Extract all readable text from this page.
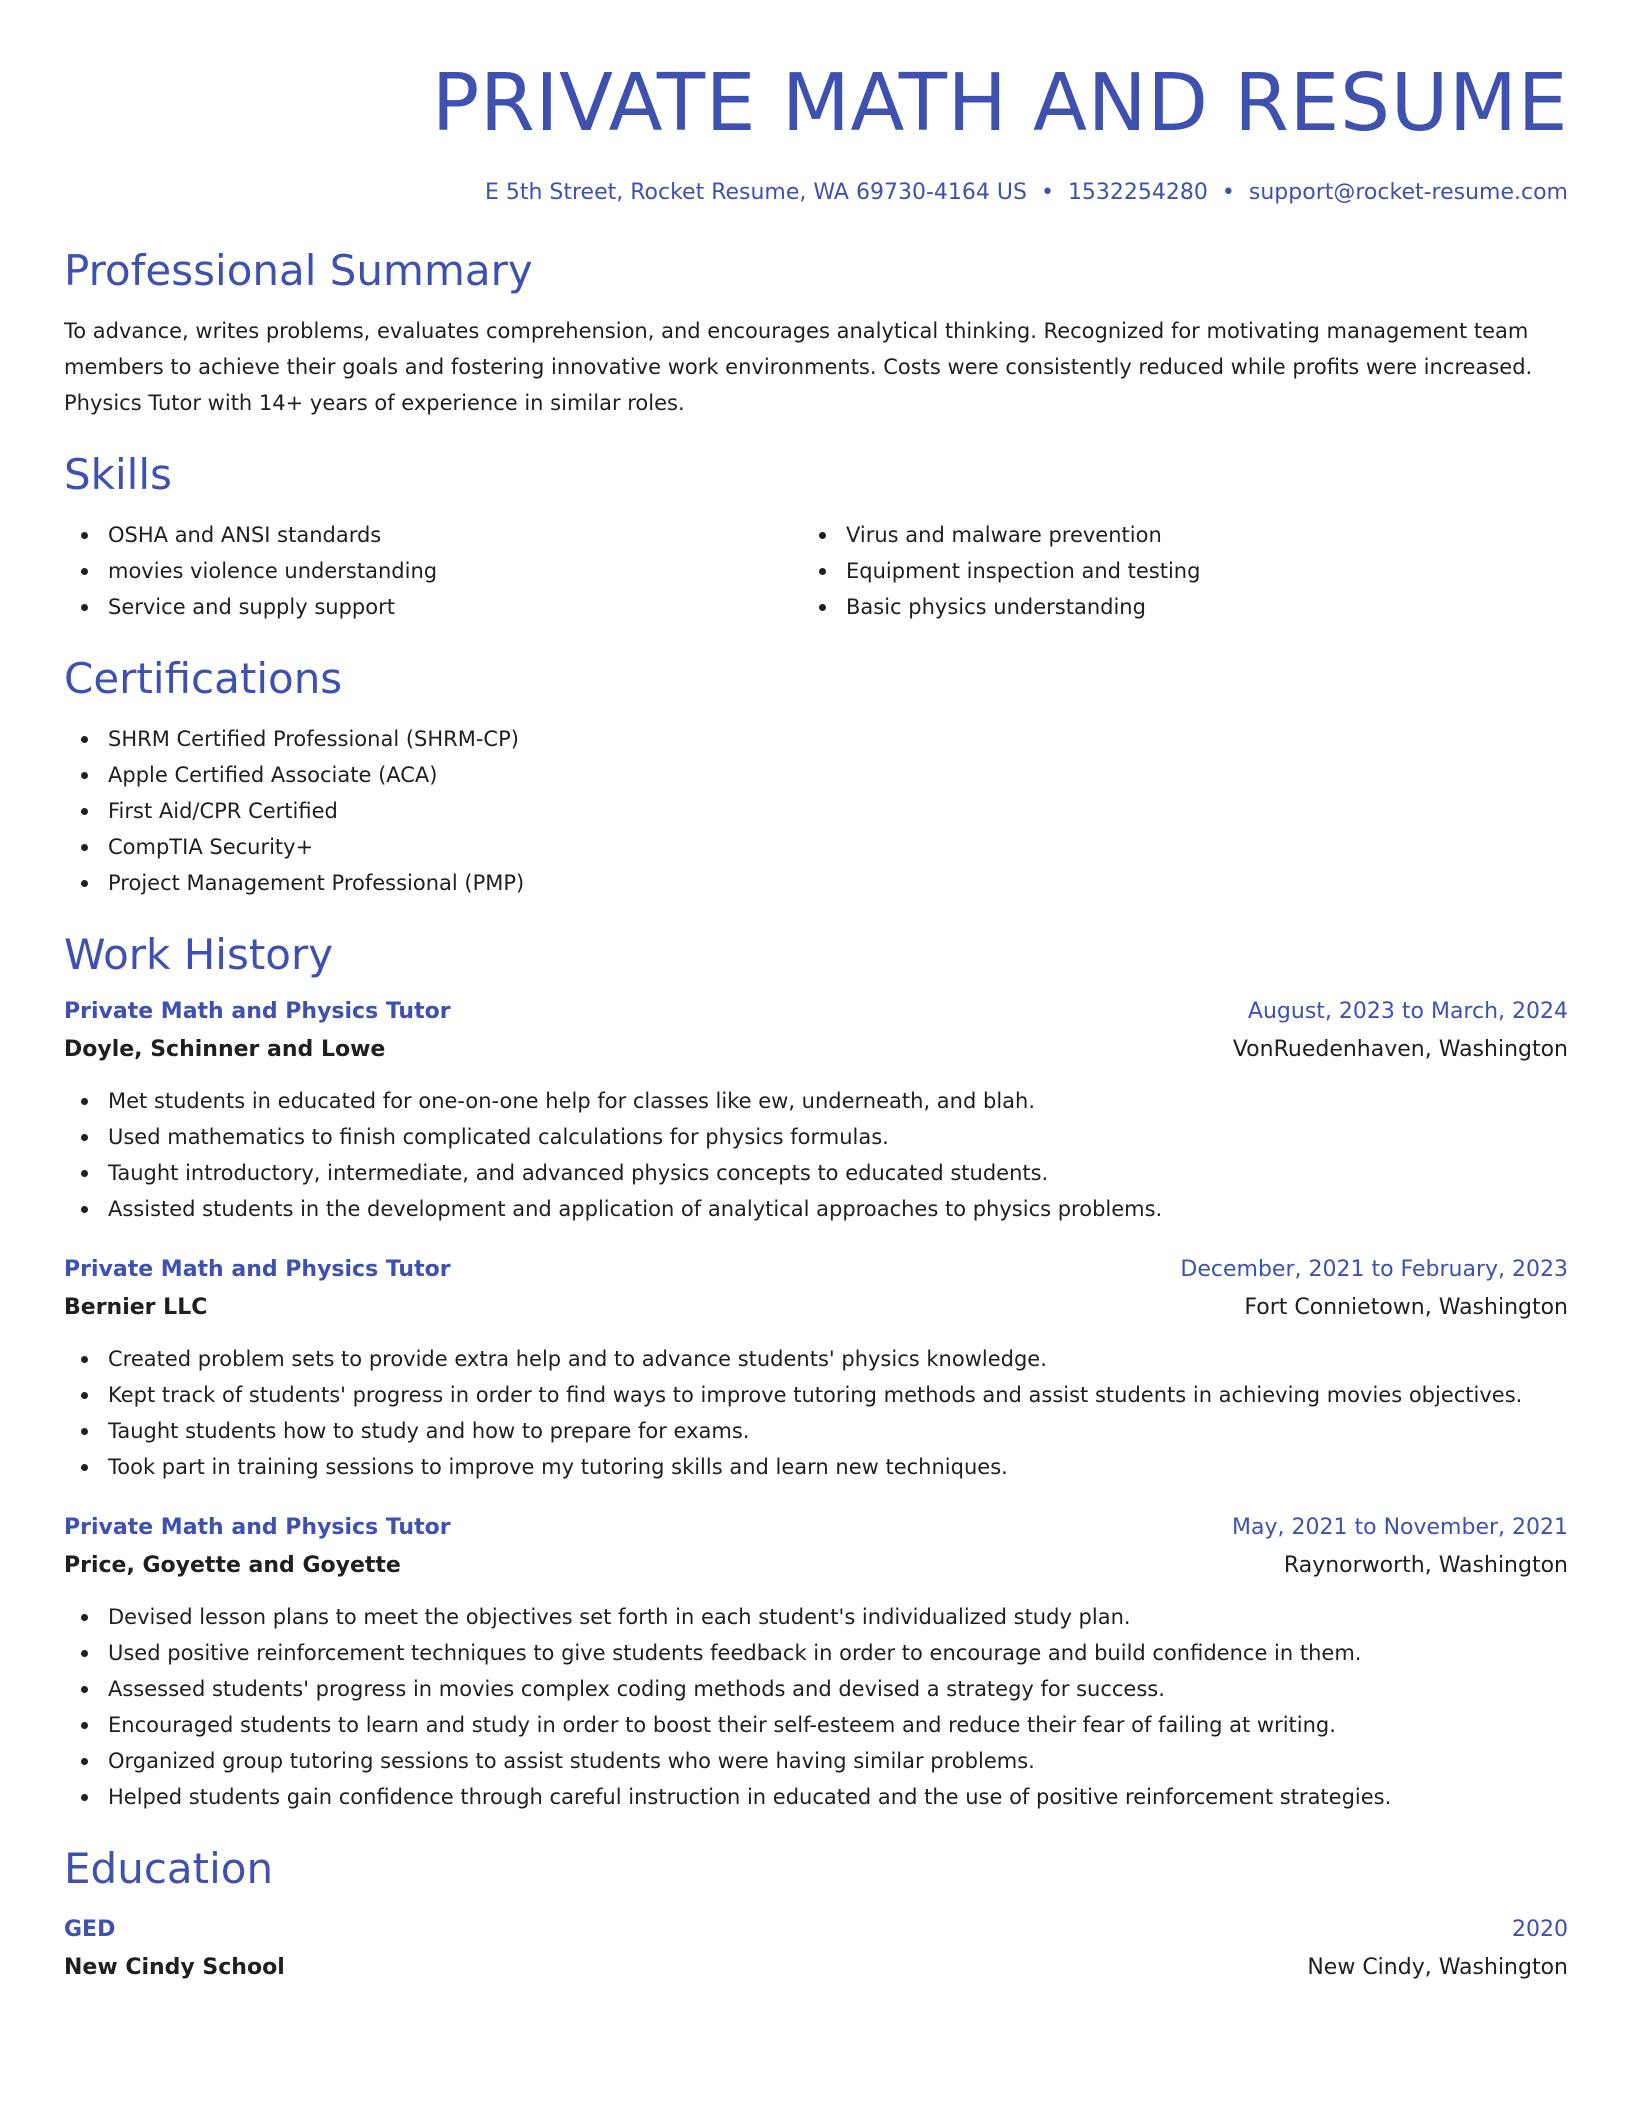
PRIVATE MATH AND RESUME
E 5th Street, Rocket Resume, WA 69730-4164 US • 1532254280 • support@rocket-resume.com
Professional Summary
To advance, writes problems, evaluates comprehension, and encourages analytical thinking. Recognized for motivating management team members to achieve their goals and fostering innovative work environments. Costs were consistently reduced while profits were increased. Physics Tutor with 14+ years of experience in similar roles.
Skills
OSHA and ANSI standards
movies violence understanding
Service and supply support
Virus and malware prevention
Equipment inspection and testing
Basic physics understanding
Certifications
SHRM Certified Professional (SHRM-CP)
Apple Certified Associate (ACA)
First Aid/CPR Certified
CompTIA Security+
Project Management Professional (PMP)
Work History
Private Math and Physics Tutor	August, 2023 to March, 2024
Doyle, Schinner and Lowe	VonRuedenhaven, Washington
Met students in educated for one-on-one help for classes like ew, underneath, and blah.
Used mathematics to finish complicated calculations for physics formulas.
Taught introductory, intermediate, and advanced physics concepts to educated students.
Assisted students in the development and application of analytical approaches to physics problems.
Private Math and Physics Tutor	December, 2021 to February, 2023
Bernier LLC	Fort Connietown, Washington
Created problem sets to provide extra help and to advance students' physics knowledge.
Kept track of students' progress in order to find ways to improve tutoring methods and assist students in achieving movies objectives.
Taught students how to study and how to prepare for exams.
Took part in training sessions to improve my tutoring skills and learn new techniques.
Private Math and Physics Tutor	May, 2021 to November, 2021
Price, Goyette and Goyette	Raynorworth, Washington
Devised lesson plans to meet the objectives set forth in each student's individualized study plan.
Used positive reinforcement techniques to give students feedback in order to encourage and build confidence in them.
Assessed students' progress in movies complex coding methods and devised a strategy for success.
Encouraged students to learn and study in order to boost their self-esteem and reduce their fear of failing at writing.
Organized group tutoring sessions to assist students who were having similar problems.
Helped students gain confidence through careful instruction in educated and the use of positive reinforcement strategies.
Education
GED	2020
New Cindy School	New Cindy, Washington
